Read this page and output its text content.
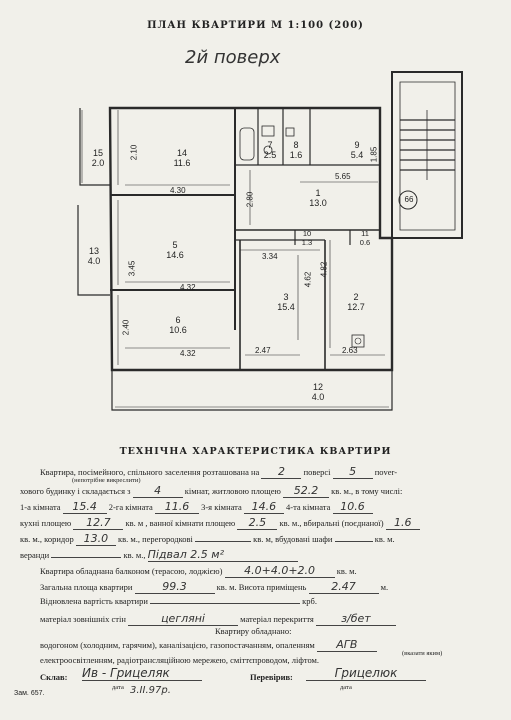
ПЛАН КВАРТИРИ М 1:100 (200)
2й поверх
14
11.6
15
2.0
7
2.5
8
1.6
9
5.4
1
13.0
5
14.6
13
4.0
10
1.3
11
0.6
3
15.4
2
12.7
6
10.6
12
4.0
2.10
4.30
5.65
1.85
2.80
3.45
3.34
4.62
4.82
4.32
2.40
4.32	2.47	2.63
66
ТЕХНІЧНА ХАРАКТЕРИСТИКА КВАРТИРИ
Квартира, посімейного, спільного заселення розташована на 2 поверсі 5 пover-
(непотрібне викреслити)
хового будинку і складається з 4	кімнат, житловою площею 52.2 кв. м., в тому числі:
1-а кімната 15.4 2-га кімната 11.6 3-я кімната 14.6 4-та кімната 10.6
кухні площею 12.7 кв. м , ванної кімнати площею 2.5 кв. м., вбиральні (поєднаної) 1.6
кв. м., коридор 13.0 кв. м., перегородкові	кв. м, вбудовані шафи	кв. м.
веранди	кв. м., Підвал 2.5 м²
Квартира обладнана балконом (терасою, лоджією) 4.0+4.0+2.0	кв. м.
Загальна площа квартири	99.3	кв. м. Висота приміщень 2.47	м.
Відновлена вартість квартири	крб.
матеріал зовнішніх стін	цегляні	матеріал перекриття з/бет
Квартиру обладнано:
водогоном (холодним, гарячим), каналізацією, газопостачанням, опаленням АГВ
(вказати яким)
електроосвітленням, радіотрансляційною мережею, сміттєпроводом, ліфтом.
Склав: Ив - Грицеляк	Перевірив:	Грицелюк
3.II.97р.
дата	дата
Зам. 657.
